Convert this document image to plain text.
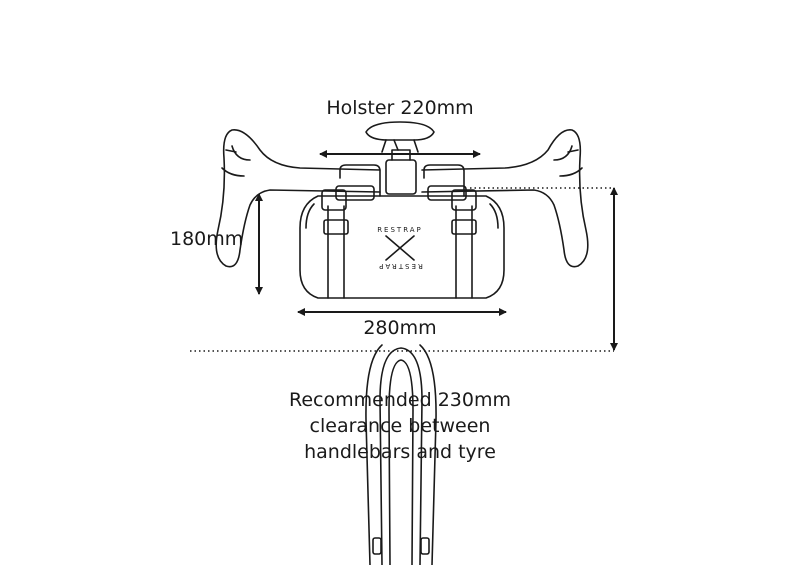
RESTRAP
RESTRAP
Holster 220mm
180mm
280mm
Recommended 230mm
clearance between
handlebars and tyre
